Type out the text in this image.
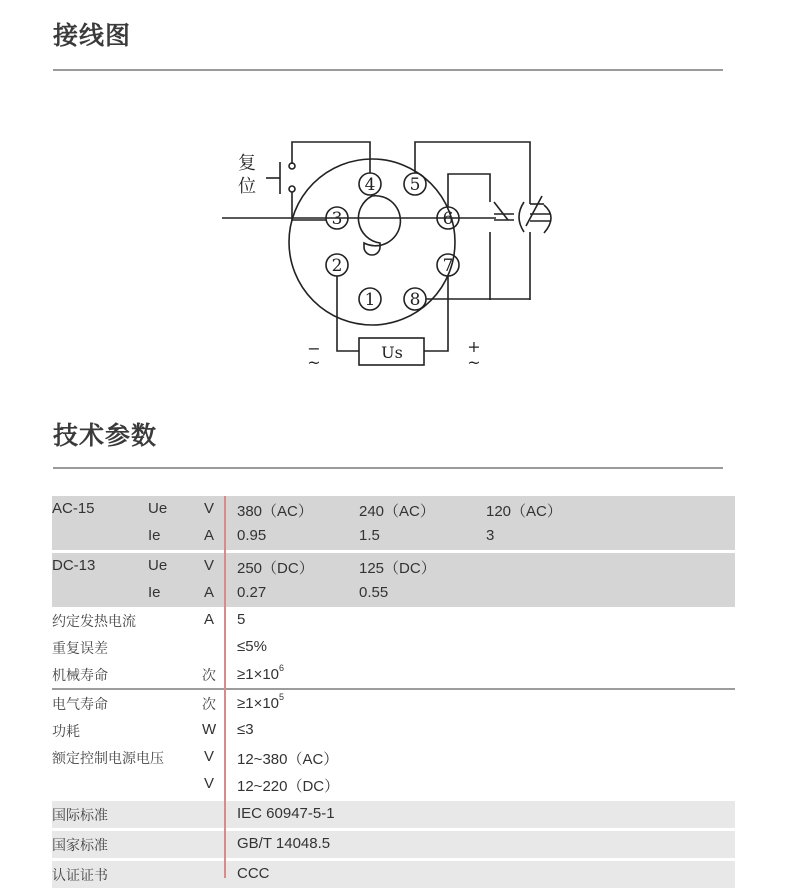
接线图
4 5
3	6
2	7
1 8
Us
复
位
−
~
+
~
技术参数
AC-15	Ue V 380（AC）	240（AC）	120（AC）
Ie	A 0.95	1.5	3
DC-13	Ue V 250（DC）	125（DC）
Ie	A 0.27	0.55
约定发热电流	A 5
重复误差	≤5%
机械寿命	次 $\ge 1\times 10^6$
电气寿命	次 $\ge 1\times 10^5$
功耗	W ≤3
额定控制电源电压	V 12~380（AC）
V 12~220（DC）
国际标准	IEC 60947-5-1
国家标准	GB/T 14048.5
认证证书	CCC
